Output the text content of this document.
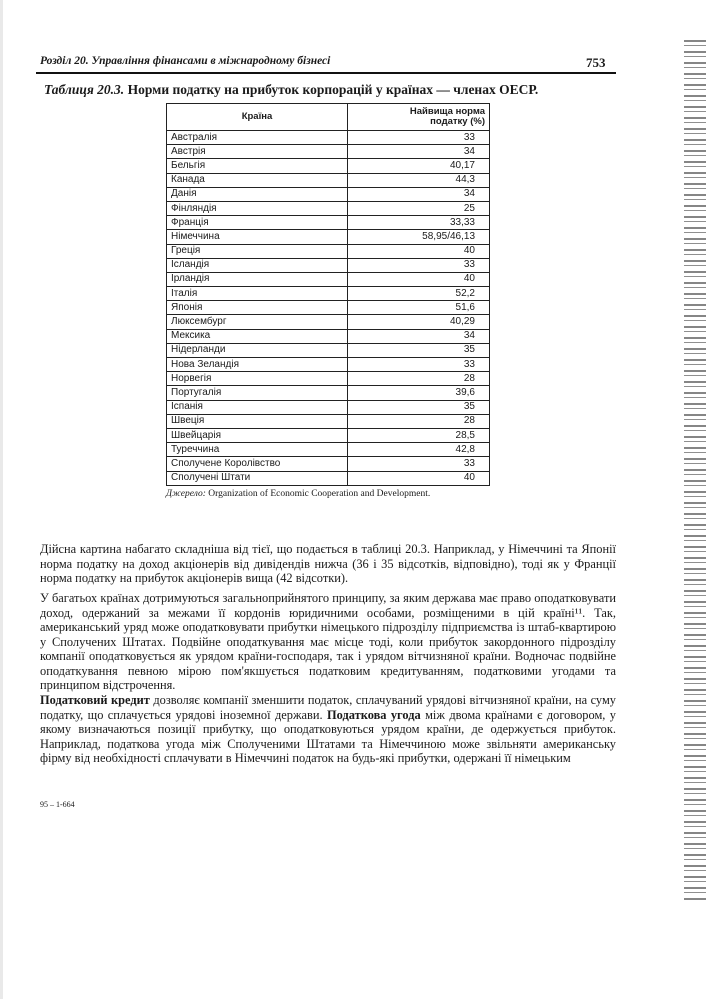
Розділ 20. Управління фінансами в міжнародному бізнесі	753
Таблиця 20.3. Норми податку на прибуток корпорацій у країнах — членах ОЕСР.
Країна	Найвища норма
податку (%)
Австралія	33
Австрія	34
Бельгія	40,17
Канада	44,3
Данія	34
Фінляндія	25
Франція	33,33
Німеччина	58,95/46,13
Греція	40
Ісландія	33
Ірландія	40
Італія	52,2
Японія	51,6
Люксембург	40,29
Мексика	34
Нідерланди	35
Нова Зеландія	33
Норвегія	28
Португалія	39,6
Іспанія	35
Швеція	28
Швейцарія	28,5
Туреччина	42,8
Сполучене Королівство	33
Сполучені Штати	40
Джерело: Organization of Economic Cooperation and Development.
Дійсна картина набагато складніша від тієї, що подається в таблиці 20.3. Наприклад, у Німеччині та Японії норма податку на доход акціонерів від дивідендів нижча (36 і 35 відсотків, відповідно), тоді як у Франції норма податку на прибуток акціонерів вища (42 відсотки).
У багатьох країнах дотримуються загальноприйнятого принципу, за яким держава має право оподатковувати доход, одержаний за межами її кордонів юридичними особами, розміщеними в цій країні¹¹. Так, американський уряд може оподатковувати прибутки німецького підрозділу підприємства із штаб-квартирою у Сполучених Штатах. Подвійне оподаткування має місце тоді, коли прибуток закордонного підрозділу компанії оподатковується як урядом країни-господаря, так і урядом вітчизняної країни. Водночас подвійне оподаткування певною мірою пом'якшується податковим кредитуванням, податковими угодами та принципом відстрочення.
Податковий кредит дозволяє компанії зменшити податок, сплачуваний урядові вітчизняної країни, на суму податку, що сплачується урядові іноземної держави. Податкова угода між двома країнами є договором, у якому визначаються позиції прибутку, що оподатковуються урядом країни, де одержується прибуток. Наприклад, податкова угода між Сполученими Штатами та Німеччиною може звільняти американську фірму від необхідності сплачувати в Німеччині податок на будь-які прибутки, одержані її німецьким
95 – 1-664
